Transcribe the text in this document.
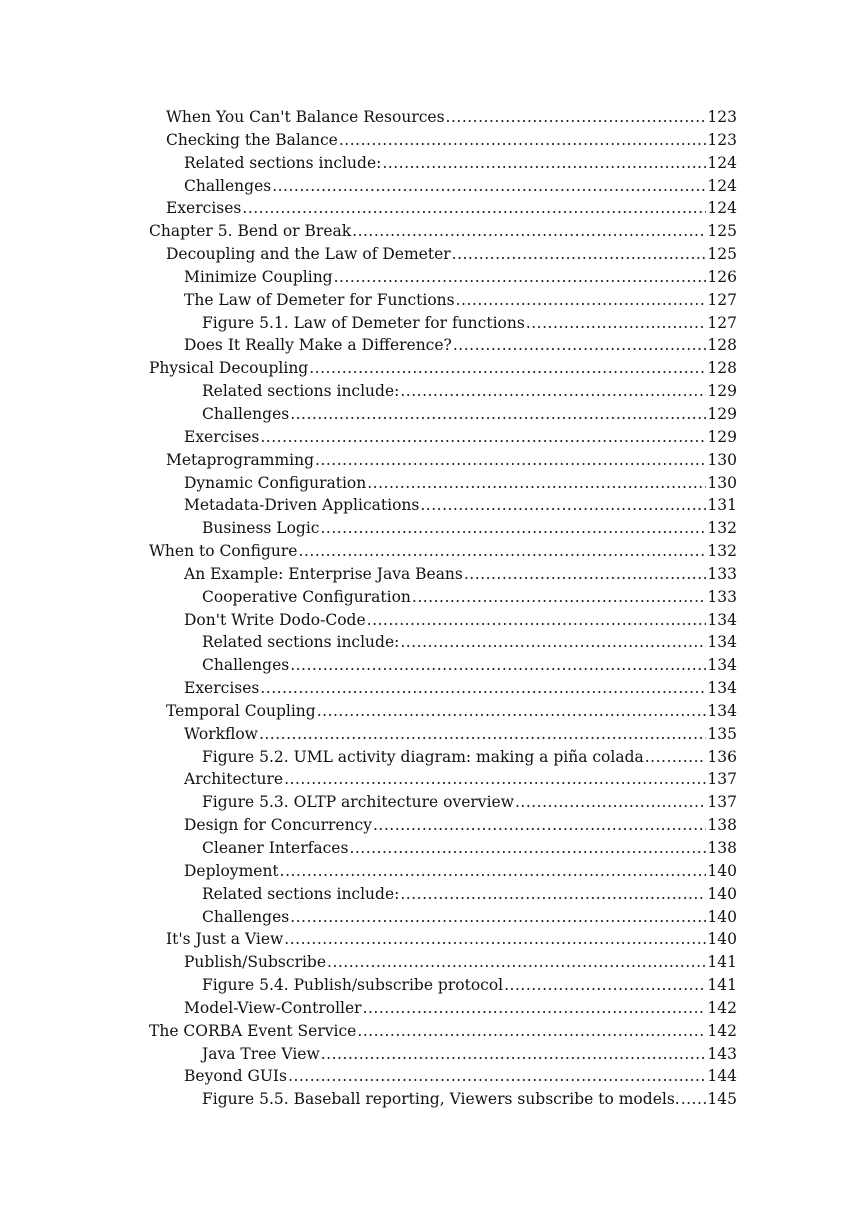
When You Can't Balance Resources .....	123
Checking the Balance .....	123
Related sections include: .....	124
Challenges .....	124
Exercises .....	124
Chapter 5. Bend or Break .....	125
Decoupling and the Law of Demeter .....	125
Minimize Coupling .....	126
The Law of Demeter for Functions .....	127
Figure 5.1. Law of Demeter for functions .....	127
Does It Really Make a Difference? .....	128
Physical Decoupling .....	128
Related sections include: .....	129
Challenges .....	129
Exercises .....	129
Metaprogramming .....	130
Dynamic Configuration .....	130
Metadata-Driven Applications .....	131
Business Logic .....	132
When to Configure .....	132
An Example: Enterprise Java Beans .....	133
Cooperative Configuration .....	133
Don't Write Dodo-Code .....	134
Related sections include: .....	134
Challenges .....	134
Exercises .....	134
Temporal Coupling .....	134
Workflow .....	135
Figure 5.2. UML activity diagram: making a piña colada .....	136
Architecture .....	137
Figure 5.3. OLTP architecture overview .....	137
Design for Concurrency .....	138
Cleaner Interfaces .....	138
Deployment .....	140
Related sections include: .....	140
Challenges .....	140
It's Just a View .....	140
Publish/Subscribe .....	141
Figure 5.4. Publish/subscribe protocol .....	141
Model-View-Controller .....	142
The CORBA Event Service .....	142
Java Tree View .....	143
Beyond GUIs .....	144
Figure 5.5. Baseball reporting, Viewers subscribe to models. ..... 145
